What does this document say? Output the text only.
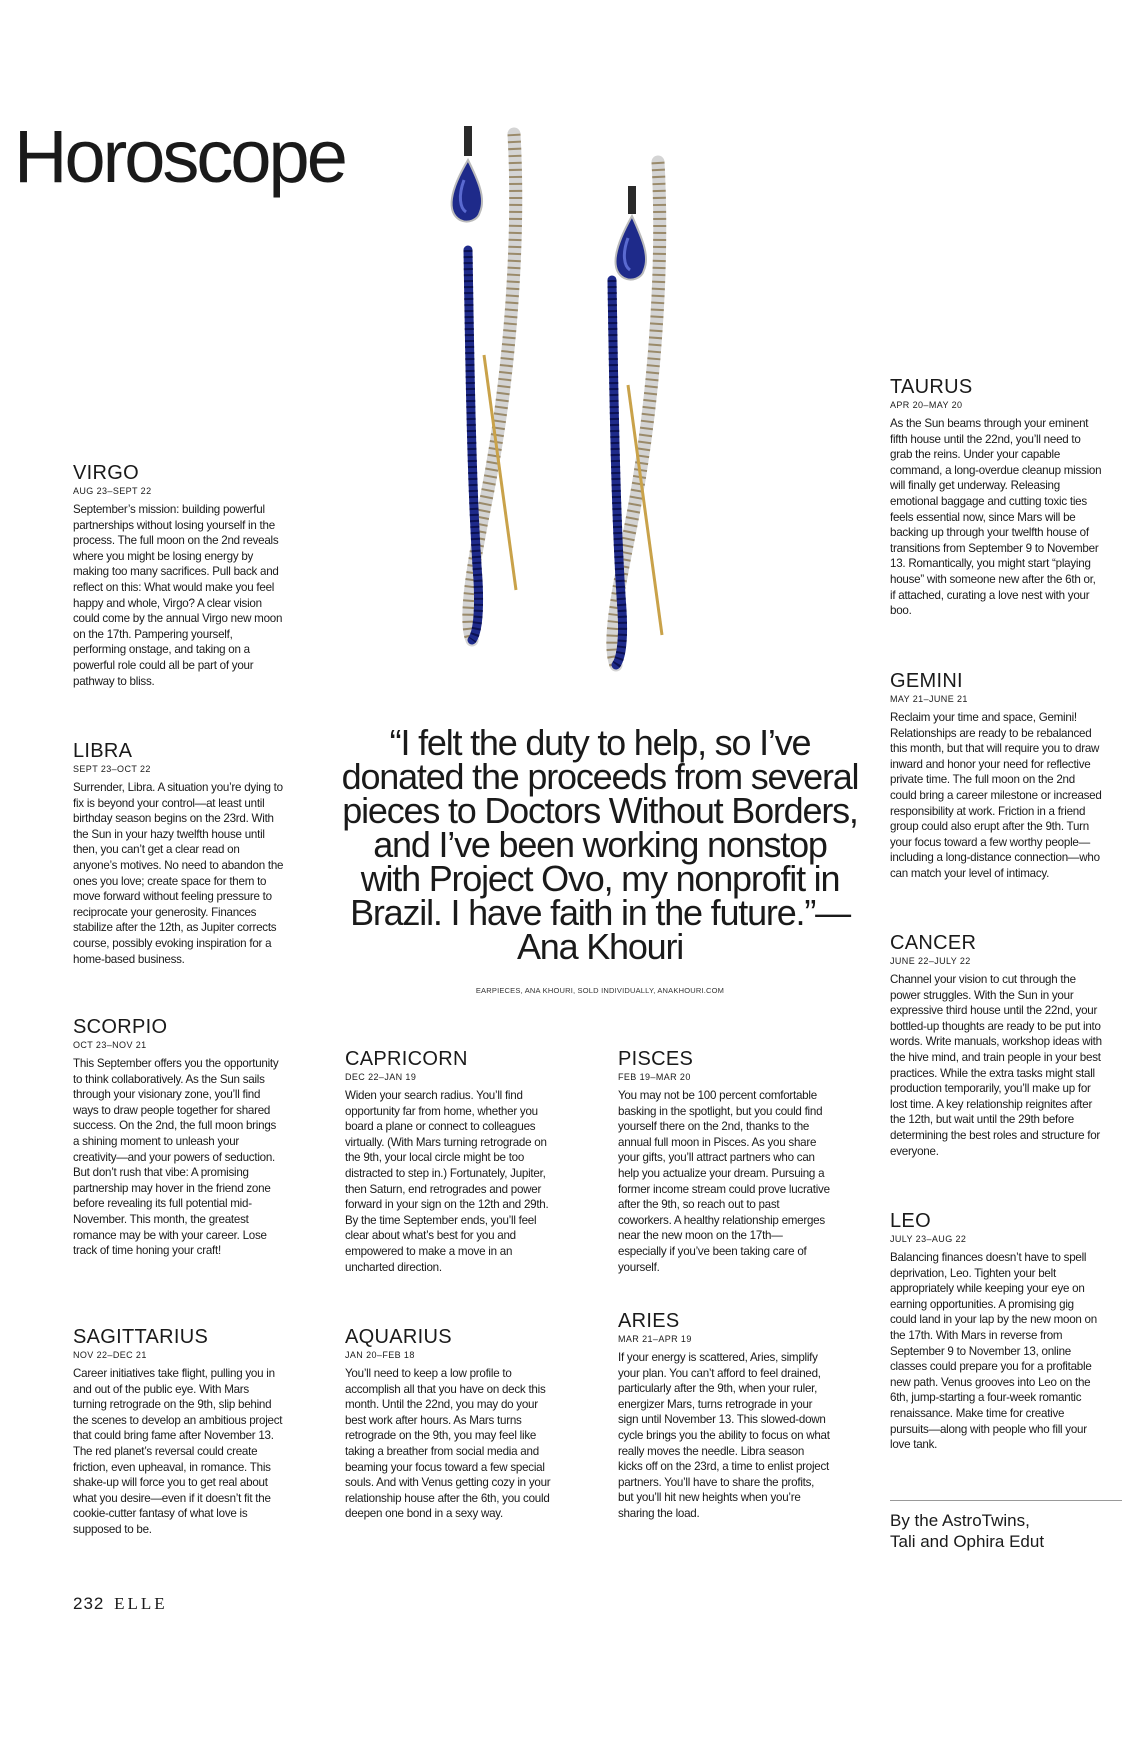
Horoscope
VIRGO
AUG 23–SEPT 22
September’s mission: building powerful partnerships without losing yourself in the process. The full moon on the 2nd reveals where you might be losing energy by making too many sacrifices. Pull back and reflect on this: What would make you feel happy and whole, Virgo? A clear vision could come by the annual Virgo new moon on the 17th. Pampering yourself, performing onstage, and taking on a powerful role could all be part of your pathway to bliss.
LIBRA
SEPT 23–OCT 22
Surrender, Libra. A situation you’re dying to fix is beyond your control—at least until birthday season begins on the 23rd. With the Sun in your hazy twelfth house until then, you can’t get a clear read on anyone’s motives. No need to abandon the ones you love; create space for them to move forward without feeling pressure to reciprocate your generosity. Finances stabilize after the 12th, as Jupiter corrects course, possibly evoking inspiration for a home-based business.
SCORPIO
OCT 23–NOV 21
This September offers you the opportunity to think collaboratively. As the Sun sails through your visionary zone, you’ll find ways to draw people together for shared success. On the 2nd, the full moon brings a shining moment to unleash your creativity—and your powers of seduction. But don’t rush that vibe: A promising partnership may hover in the friend zone before revealing its full potential mid-November. This month, the greatest romance may be with your career. Lose track of time honing your craft!
SAGITTARIUS
NOV 22–DEC 21
Career initiatives take flight, pulling you in and out of the public eye. With Mars turning retrograde on the 9th, slip behind the scenes to develop an ambitious project that could bring fame after November 13. The red planet’s reversal could create friction, even upheaval, in romance. This shake-up will force you to get real about what you desire—even if it doesn’t fit the cookie-cutter fantasy of what love is supposed to be.
“I felt the duty to help, so I’ve donated the proceeds from several pieces to Doctors Without Borders, and I’ve been working nonstop with Project Ovo, my nonprofit in Brazil. I have faith in the future.”—Ana Khouri
EARPIECES, ANA KHOURI, SOLD INDIVIDUALLY, ANAKHOURI.COM
CAPRICORN
DEC 22–JAN 19
Widen your search radius. You’ll find opportunity far from home, whether you board a plane or connect to colleagues virtually. (With Mars turning retrograde on the 9th, your local circle might be too distracted to step in.) Fortunately, Jupiter, then Saturn, end retrogrades and power forward in your sign on the 12th and 29th. By the time September ends, you’ll feel clear about what’s best for you and empowered to make a move in an uncharted direction.
AQUARIUS
JAN 20–FEB 18
You’ll need to keep a low profile to accomplish all that you have on deck this month. Until the 22nd, you may do your best work after hours. As Mars turns retrograde on the 9th, you may feel like taking a breather from social media and beaming your focus toward a few special souls. And with Venus getting cozy in your relationship house after the 6th, you could deepen one bond in a sexy way.
PISCES
FEB 19–MAR 20
You may not be 100 percent comfortable basking in the spotlight, but you could find yourself there on the 2nd, thanks to the annual full moon in Pisces. As you share your gifts, you’ll attract partners who can help you actualize your dream. Pursuing a former income stream could prove lucrative after the 9th, so reach out to past coworkers. A healthy relationship emerges near the new moon on the 17th—especially if you’ve been taking care of yourself.
ARIES
MAR 21–APR 19
If your energy is scattered, Aries, simplify your plan. You can’t afford to feel drained, particularly after the 9th, when your ruler, energizer Mars, turns retrograde in your sign until November 13. This slowed-down cycle brings you the ability to focus on what really moves the needle. Libra season kicks off on the 23rd, a time to enlist project partners. You’ll have to share the profits, but you’ll hit new heights when you’re sharing the load.
TAURUS
APR 20–MAY 20
As the Sun beams through your eminent fifth house until the 22nd, you’ll need to grab the reins. Under your capable command, a long-overdue cleanup mission will finally get underway. Releasing emotional baggage and cutting toxic ties feels essential now, since Mars will be backing up through your twelfth house of transitions from September 9 to November 13. Romantically, you might start “playing house” with someone new after the 6th or, if attached, curating a love nest with your boo.
GEMINI
MAY 21–JUNE 21
Reclaim your time and space, Gemini! Relationships are ready to be rebalanced this month, but that will require you to draw inward and honor your need for reflective private time. The full moon on the 2nd could bring a career milestone or increased responsibility at work. Friction in a friend group could also erupt after the 9th. Turn your focus toward a few worthy people—including a long-distance connection—who can match your level of intimacy.
CANCER
JUNE 22–JULY 22
Channel your vision to cut through the power struggles. With the Sun in your expressive third house until the 22nd, your bottled-up thoughts are ready to be put into words. Write manuals, workshop ideas with the hive mind, and train people in your best practices. While the extra tasks might stall production temporarily, you’ll make up for lost time. A key relationship reignites after the 12th, but wait until the 29th before determining the best roles and structure for everyone.
LEO
JULY 23–AUG 22
Balancing finances doesn’t have to spell deprivation, Leo. Tighten your belt appropriately while keeping your eye on earning opportunities. A promising gig could land in your lap by the new moon on the 17th. With Mars in reverse from September 9 to November 13, online classes could prepare you for a profitable new path. Venus grooves into Leo on the 6th, jump-starting a four-week romantic renaissance. Make time for creative pursuits—along with people who fill your love tank.
By the AstroTwins,
Tali and Ophira Edut
232 ELLE
